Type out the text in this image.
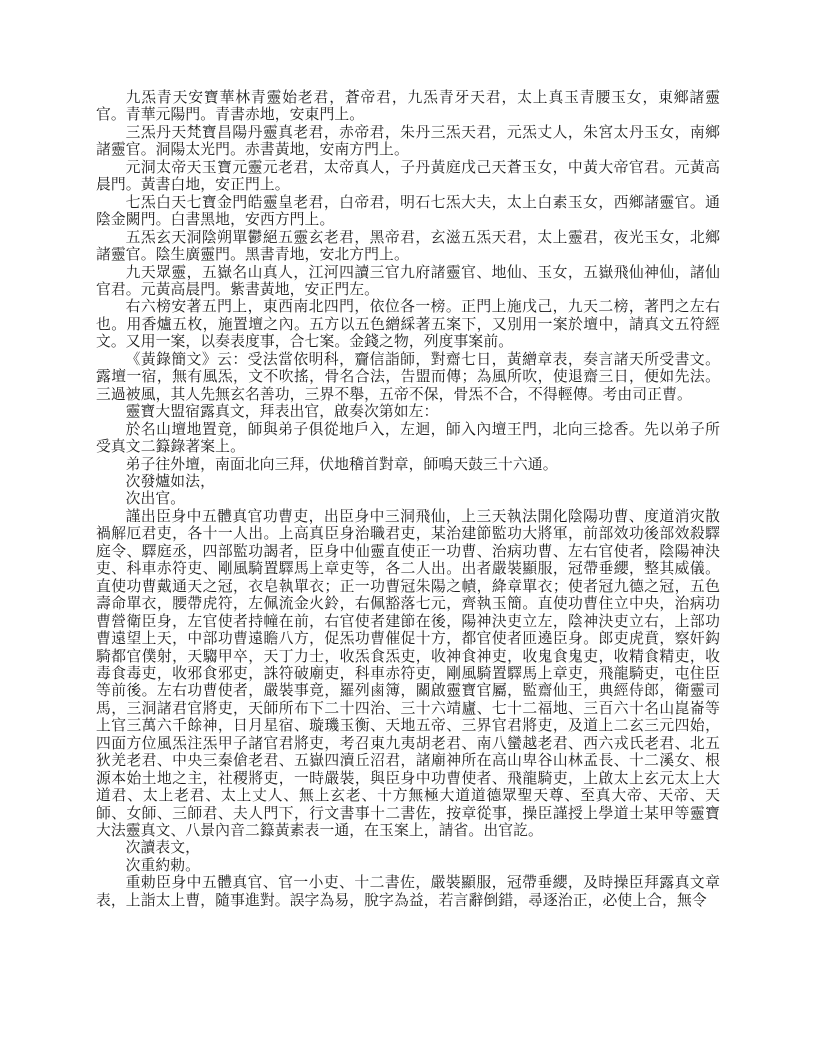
九炁青天安寶華林青靈始老君，蒼帝君，九炁青牙天君，太上真玉青腰玉女，東鄉諸靈官。青華元陽門。青書赤地，安東門上。

三炁丹天梵寶昌陽丹靈真老君，赤帝君，朱丹三炁天君，元炁丈人，朱宮太丹玉女，南鄉諸靈官。洞陽太光門。赤書黃地，安南方門上。

元洞太帝天玉寶元靈元老君，太帝真人，子丹黃庭戊己天蒼玉女，中黃大帝官君。元黃高晨門。黃書白地，安正門上。

七炁白天七寶金門皓靈皇老君，白帝君，明石七炁大夫，太上白素玉女，西鄉諸靈官。通陰金闕門。白書黑地，安西方門上。

五炁玄天洞陰朔單鬱絕五靈玄老君，黑帝君，玄滋五炁天君，太上靈君，夜光玉女，北鄉諸靈官。陰生廣靈門。黑書青地，安北方門上。

九天眾靈，五嶽名山真人，江河四讀三官九府諸靈官、地仙、玉女，五嶽飛仙神仙，諸仙官君。元黃高晨門。紫書黃地，安正門左。

右六榜安著五門上，東西南北四門，依位各一榜。正門上施戊己，九天二榜，著門之左右也。用香爐五枚，施置壇之內。五方以五色繒綵著五案下，又別用一案於壇中，請真文五符經文。又用一案，以奏表度事，合七案。金錢之物，列度事案前。

《黃錄簡文》云：受法當依明科，齎信詣師，對齋七日，黃繒章表，奏言諸天所受書文。露壇一宿，無有風炁，文不吹搖，骨名合法，告盟而傳；為風所吹，使退齋三日，便如先法。三過被風，其人先無玄名善功，三界不舉，五帝不保，骨炁不合，不得輕傳。考由司正曹。

靈寶大盟宿露真文，拜表出官，啟奏次第如左：

於名山壇地置竟，師與弟子俱從地戶入，左迴，師入內壇王門，北向三捻香。先以弟子所受真文二籙錄著案上。

弟子往外壇，南面北向三拜，伏地稽首對章，師鳴天鼓三十六通。

次發爐如法，

次出官。

謹出臣身中五體真官功曹吏，出臣身中三洞飛仙，上三天執法開化陰陽功曹、度道消灾散禍解厄君吏，各十一人出。上高真臣身治職君吏，某治建節監功大將軍，前部效功後部效殺驛庭令、驛庭丞，四部監功謁者，臣身中仙靈直使正一功曹、治病功曹、左右官使者，陰陽神決吏、科車赤符吏、剛風騎置驛馬上章吏等，各二人出。出者嚴裝顯服，冠帶垂纓，整其威儀。直使功曹戴通天之冠，衣皂執單衣；正一功曹冠朱陽之幘，絳章單衣；使者冠九德之冠，五色壽命單衣，腰帶虎符，左佩流金火鈴，右佩豁落七元，齊執玉簡。直使功曹住立中央，治病功曹營衛臣身，左官使者持幢在前，右官使者建節在後，陽神決吏立左，陰神決吏立右，上部功曹遠望上天，中部功曹遠瞻八方，促炁功曹催促十方，都官使者匝遶臣身。郎吏虎賁，察奸鈎騎都官僕射，天騶甲卒，天丁力士，收炁食炁吏，收神食神吏，收鬼食鬼吏，收精食精吏，收毒食毒吏，收邪食邪吏，誅符破廟吏，科車赤符吏，剛風騎置驛馬上章吏，飛龍騎吏，屯住臣等前後。左右功曹使者，嚴裝事竟，羅列鹵簿，關啟靈寶官屬，監齋仙王，典經侍郎，衛靈司馬，三洞諸君官將吏，天師所布下二十四治、三十六靖廬、七十二福地、三百六十名山崑崙等上官三萬六千餘神，日月星宿、璇璣玉衡、天地五帝、三界官君將吏，及道上二玄三元四始，四面方位風炁注炁甲子諸官君將吏，考召東九夷胡老君、南八蠻越老君、西六戎氏老君、北五狄羌老君、中央三秦傖老君、五嶽四瀆丘沼君，諸廟神所在高山卑谷山林孟長、十二溪女、根源本始土地之主，社稷將吏，一時嚴裝，與臣身中功曹使者、飛龍騎吏，上啟太上玄元太上大道君、太上老君、太上丈人、無上玄老、十方無極大道道德眾聖天尊、至真大帝、天帝、天師、女師、三師君、夫人門下，行文書事十二書佐，按章從事，操臣謹授上學道士某甲等靈寶大法靈真文、八景內音二籙黃素表一通，在玉案上，請省。出官訖。

次讀表文，

次重約勅。

重勅臣身中五體真官、官一小吏、十二書佐，嚴裝顯服，冠帶垂纓，及時操臣拜露真文章表，上詣太上曹，隨事進對。誤字為易，脫字為益，若言辭倒錯，尋逐治正，必使上合，無令
